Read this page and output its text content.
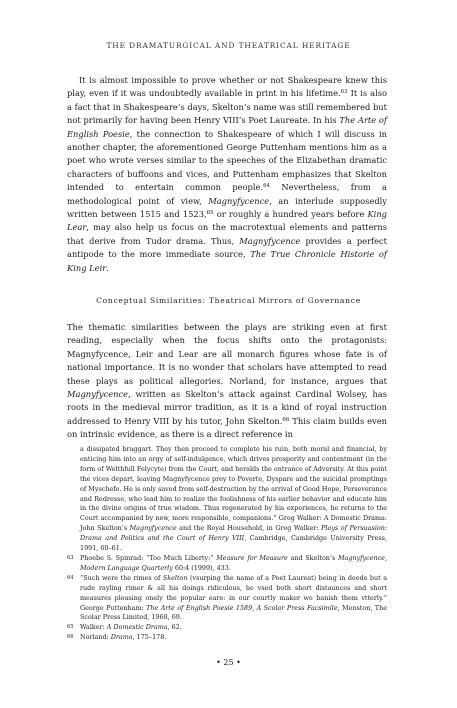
THE DRAMATURGICAL AND THEATRICAL HERITAGE

It is almost impossible to prove whether or not Shakespeare knew this play, even if it was undoubtedly available in print in his lifetime.$^{63}$ It is also a fact that in Shakespeare’s days, Skelton’s name was still remembered but not primarily for having been Henry VIII’s Poet Laureate. In his The Arte of English Poesie, the connection to Shakespeare of which I will discuss in another chapter, the aforementioned George Puttenham mentions him as a poet who wrote verses similar to the speeches of the Elizabethan dramatic characters of buffoons and vices, and Puttenham emphasizes that Skelton intended to entertain common people.$^{64}$ Nevertheless, from a methodological point of view, Magnyfycence, an interlude supposedly written between 1515 and 1523,65 or roughly a hundred years before King Lear, may also help us focus on the macrotextual elements and patterns that derive from Tudor drama. Thus, Magnyfycence provides a perfect antipode to the more immediate source, The True Chronicle Historie of King Leir.

Conceptual Similarities: Theatrical Mirrors of Governance

The thematic similarities between the plays are striking even at first reading, especially when the focus shifts onto the protagonists: Magnyfycence, Leir and Lear are all monarch figures whose fate is of national importance. It is no wonder that scholars have attempted to read these plays as political allegories. Norland, for instance, argues that Magnyfycence, written as Skelton’s attack against Cardinal Wolsey, has roots in the medieval mirror tradition, as it is a kind of royal instruction addressed to Henry VIII by his tutor, John Skelton.$^{66}$ This claim builds even on intrinsic evidence, as there is a direct reference in

a dissipated braggart. They then proceed to complete his ruin, both moral and financial, by enticing him into an orgy of self-indulgence, which drives prosperity and contentment (in the form of Welthfull Felycyte) from the Court, and heralds the entrance of Adversity. At this point the vices depart, leaving Magnyfycence prey to Poverte, Dyspare and the suicidal promptings of Myschefe. He is only saved from self-destruction by the arrival of Good Hope, Perseverance and Redresse, who lead him to realize the foolishness of his earlier behavior and educate him in the divine origins of true wisdom. Thus regenerated by his experiences, he returns to the Court accompanied by new, more responsible, companions.” Greg Walker: A Domestic Drama: John Skelton’s Magnyfycence and the Royal Household, in Greg Walker: Plays of Persuasion: Drama and Politics and the Court of Henry VIII, Cambridge, Cambridge University Press, 1991, 60–61.
63 Phoebe S. Spinrad: “Too Much Liberty:” Measure for Measure and Skelton’s Magnyfycence, Modern Language Quarterly 60:4 (1999), 433.
64 “Such were the rimes of Skelton (vsurping the name of a Poet Laureat) being in deede but a rude rayling rimer & all his doings ridiculous, he vsed both short distaunces and short measures pleasing onely the popular eare: in our courtly maker we banish them vtterly.” George Puttenham: The Arte of English Poesie 1589, A Scolar Press Facsimile, Menston, The Scolar Press Limited, 1968, 69.
65 Walker: A Domestic Drama, 62.
66 Norland: Drama, 175–178.
• 25 •
